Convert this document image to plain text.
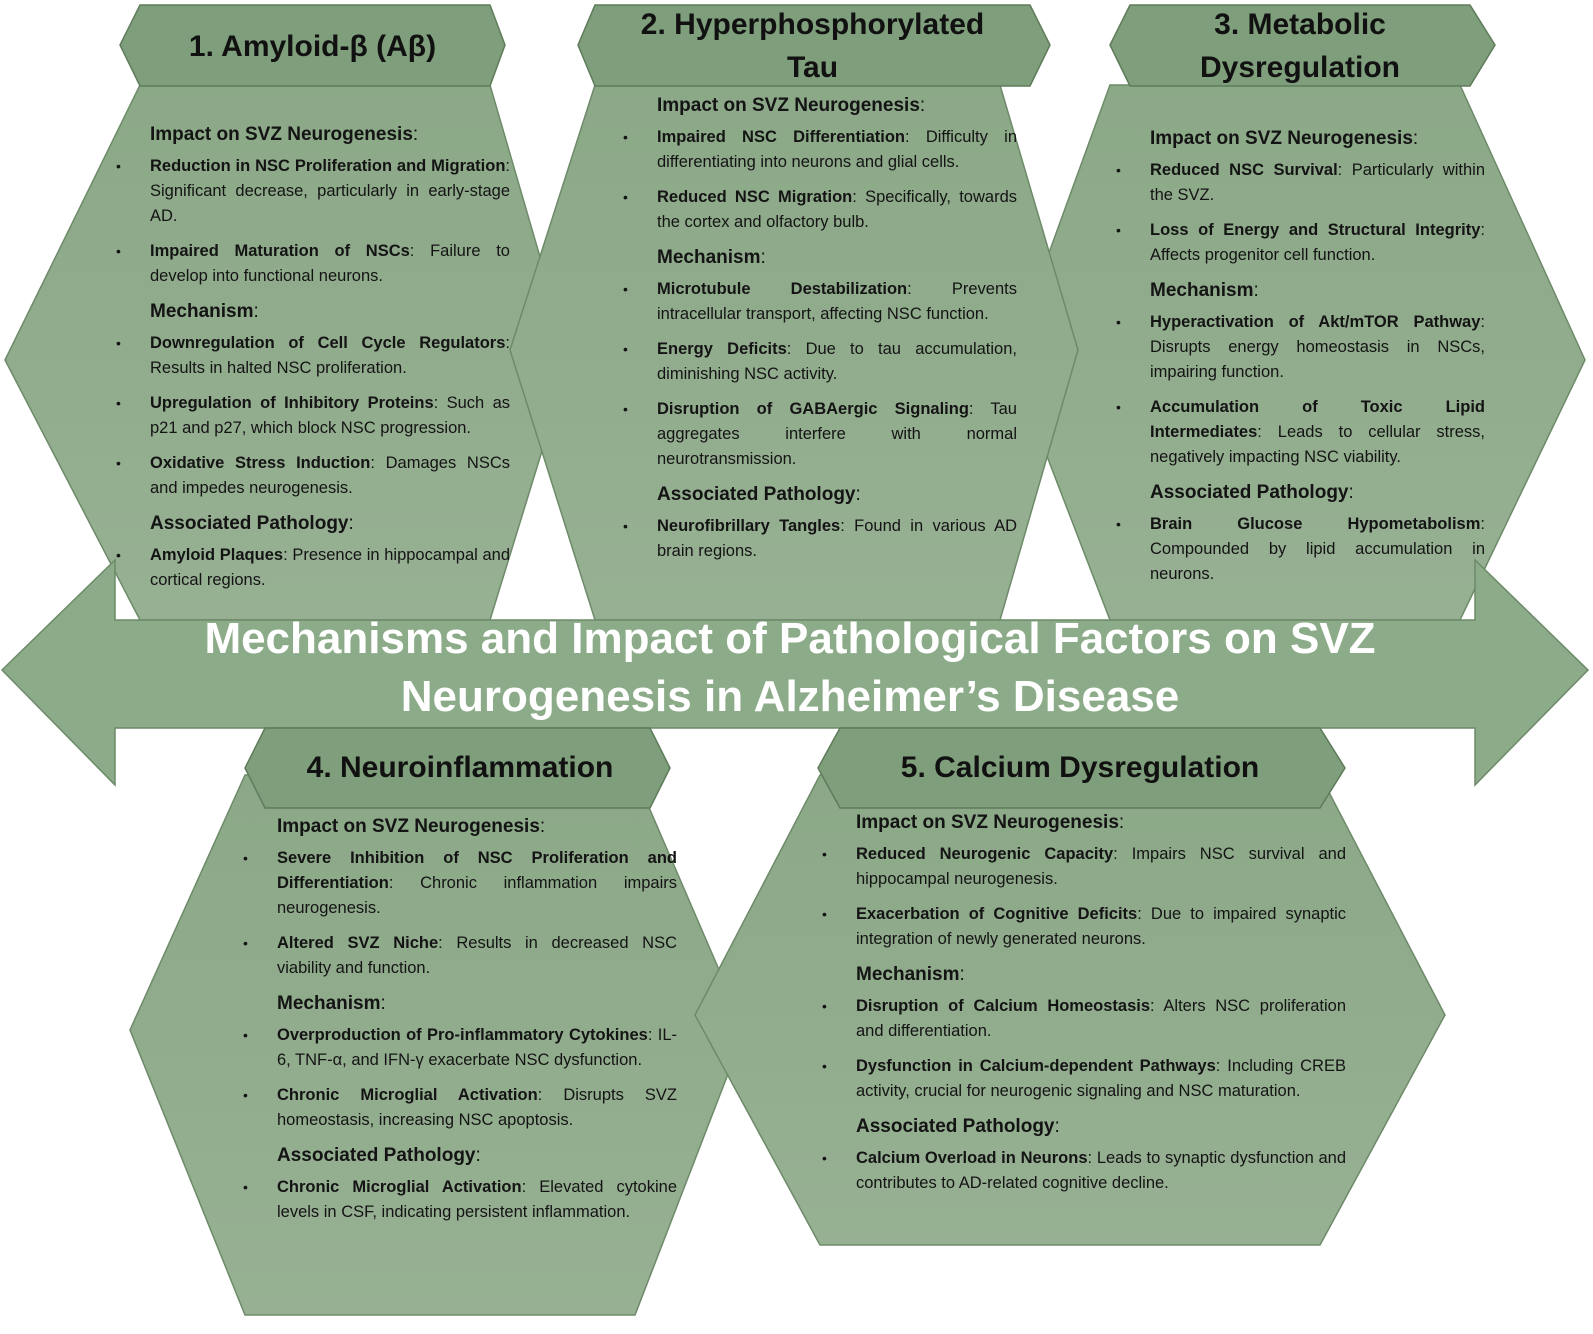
1. Amyloid-β (Aβ)
2. Hyperphosphorylated Tau
3. Metabolic Dysregulation
4. Neuroinflammation	5. Calcium Dysregulation
Impact on SVZ Neurogenesis:
• Reduction in NSC Proliferation and Migration: Significant decrease, particularly in early-stage AD.
• Impaired Maturation of NSCs: Failure to develop into functional neurons.
Mechanism:
• Downregulation of Cell Cycle Regulators: Results in halted NSC proliferation.
• Upregulation of Inhibitory Proteins: Such as p21 and p27, which block NSC progression.
• Oxidative Stress Induction: Damages NSCs and impedes neurogenesis.
Associated Pathology:
• Amyloid Plaques: Presence in hippocampal and cortical regions.
Impact on SVZ Neurogenesis:
• Impaired NSC Differentiation: Difficulty in differentiating into neurons and glial cells.
• Reduced NSC Migration: Specifically, towards the cortex and olfactory bulb.
Mechanism:
• Microtubule Destabilization: Prevents intracellular transport, affecting NSC function.
• Energy Deficits: Due to tau accumulation, diminishing NSC activity.
• Disruption of GABAergic Signaling: Tau aggregates interfere with normal neurotransmission.
Associated Pathology:
• Neurofibrillary Tangles: Found in various AD brain regions.
Impact on SVZ Neurogenesis:
• Reduced NSC Survival: Particularly within the SVZ.
• Loss of Energy and Structural Integrity: Affects progenitor cell function.
Mechanism:
• Hyperactivation of Akt/mTOR Pathway: Disrupts energy homeostasis in NSCs, impairing function.
• Accumulation of Toxic Lipid Intermediates: Leads to cellular stress, negatively impacting NSC viability.
Associated Pathology:
• Brain Glucose Hypometabolism: Compounded by lipid accumulation in neurons.
Impact on SVZ Neurogenesis:
• Severe Inhibition of NSC Proliferation and Differentiation: Chronic inflammation impairs neurogenesis.
• Altered SVZ Niche: Results in decreased NSC viability and function.
Mechanism:
• Overproduction of Pro-inflammatory Cytokines: IL-6, TNF-α, and IFN-γ exacerbate NSC dysfunction.
• Chronic Microglial Activation: Disrupts SVZ homeostasis, increasing NSC apoptosis.
Associated Pathology:
• Chronic Microglial Activation: Elevated cytokine levels in CSF, indicating persistent inflammation.
Impact on SVZ Neurogenesis:
• Reduced Neurogenic Capacity: Impairs NSC survival and hippocampal neurogenesis.
• Exacerbation of Cognitive Deficits: Due to impaired synaptic integration of newly generated neurons.
Mechanism:
• Disruption of Calcium Homeostasis: Alters NSC proliferation and differentiation.
• Dysfunction in Calcium-dependent Pathways: Including CREB activity, crucial for neurogenic signaling and NSC maturation.
Associated Pathology:
• Calcium Overload in Neurons: Leads to synaptic dysfunction and contributes to AD-related cognitive decline.
Mechanisms and Impact of Pathological Factors on SVZ Neurogenesis in Alzheimer’s Disease
